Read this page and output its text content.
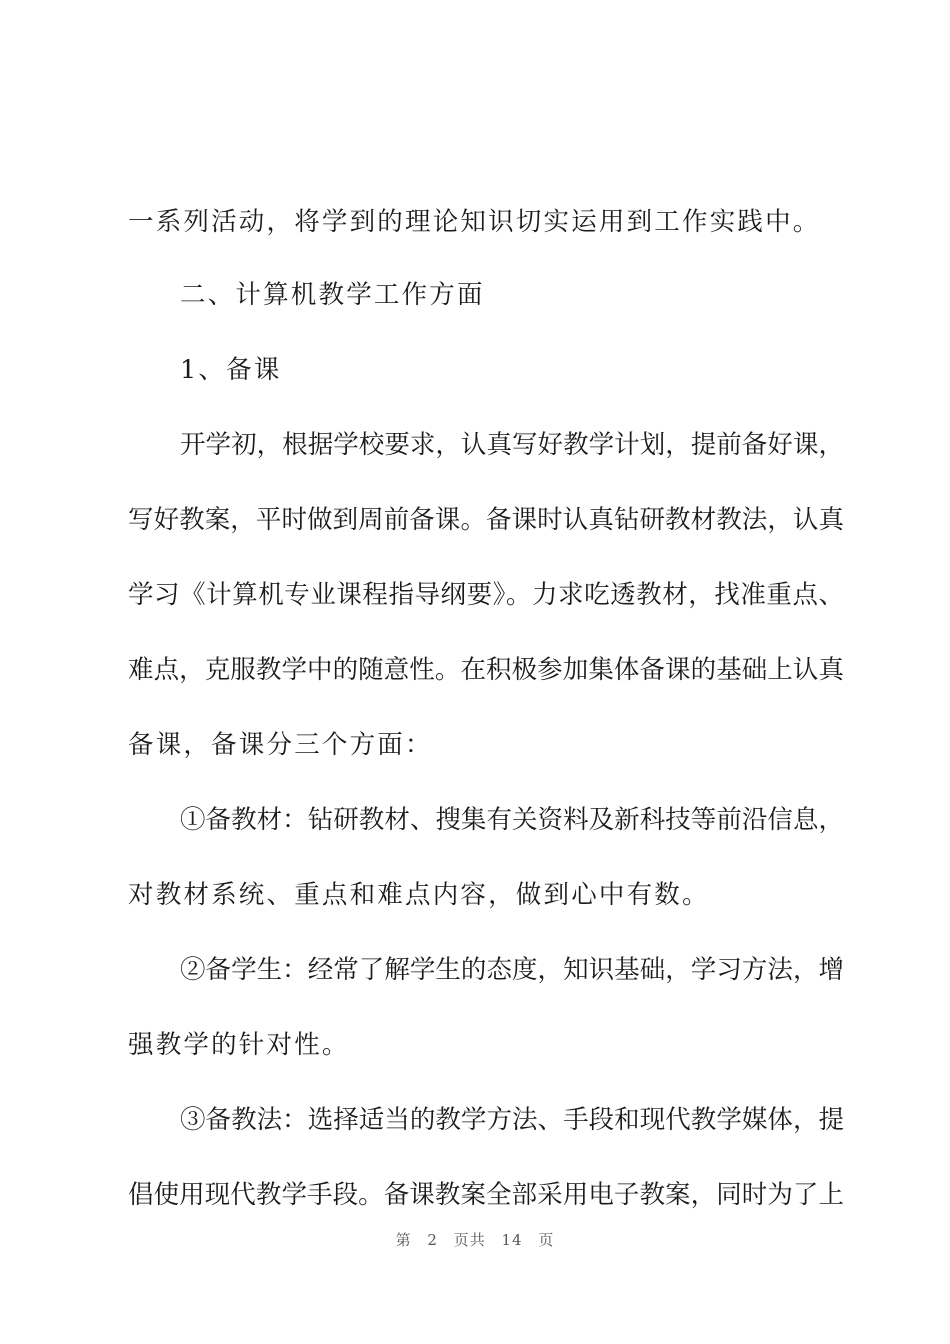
一系列活动，将学到的理论知识切实运用到工作实践中。

二、计算机教学工作方面

1、备课

开学初，根据学校要求，认真写好教学计划，提前备好课，

写好教案，平时做到周前备课。备课时认真钻研教材教法，认真

学习《计算机专业课程指导纲要》。力求吃透教材，找准重点、

难点，克服教学中的随意性。在积极参加集体备课的基础上认真

备课，备课分三个方面：

①备教材：钻研教材、搜集有关资料及新科技等前沿信息，

对教材系统、重点和难点内容，做到心中有数。

②备学生：经常了解学生的态度，知识基础，学习方法，增

强教学的针对性。

③备教法：选择适当的教学方法、手段和现代教学媒体，提

倡使用现代教学手段。备课教案全部采用电子教案，同时为了上

第 2 页共 14 页
